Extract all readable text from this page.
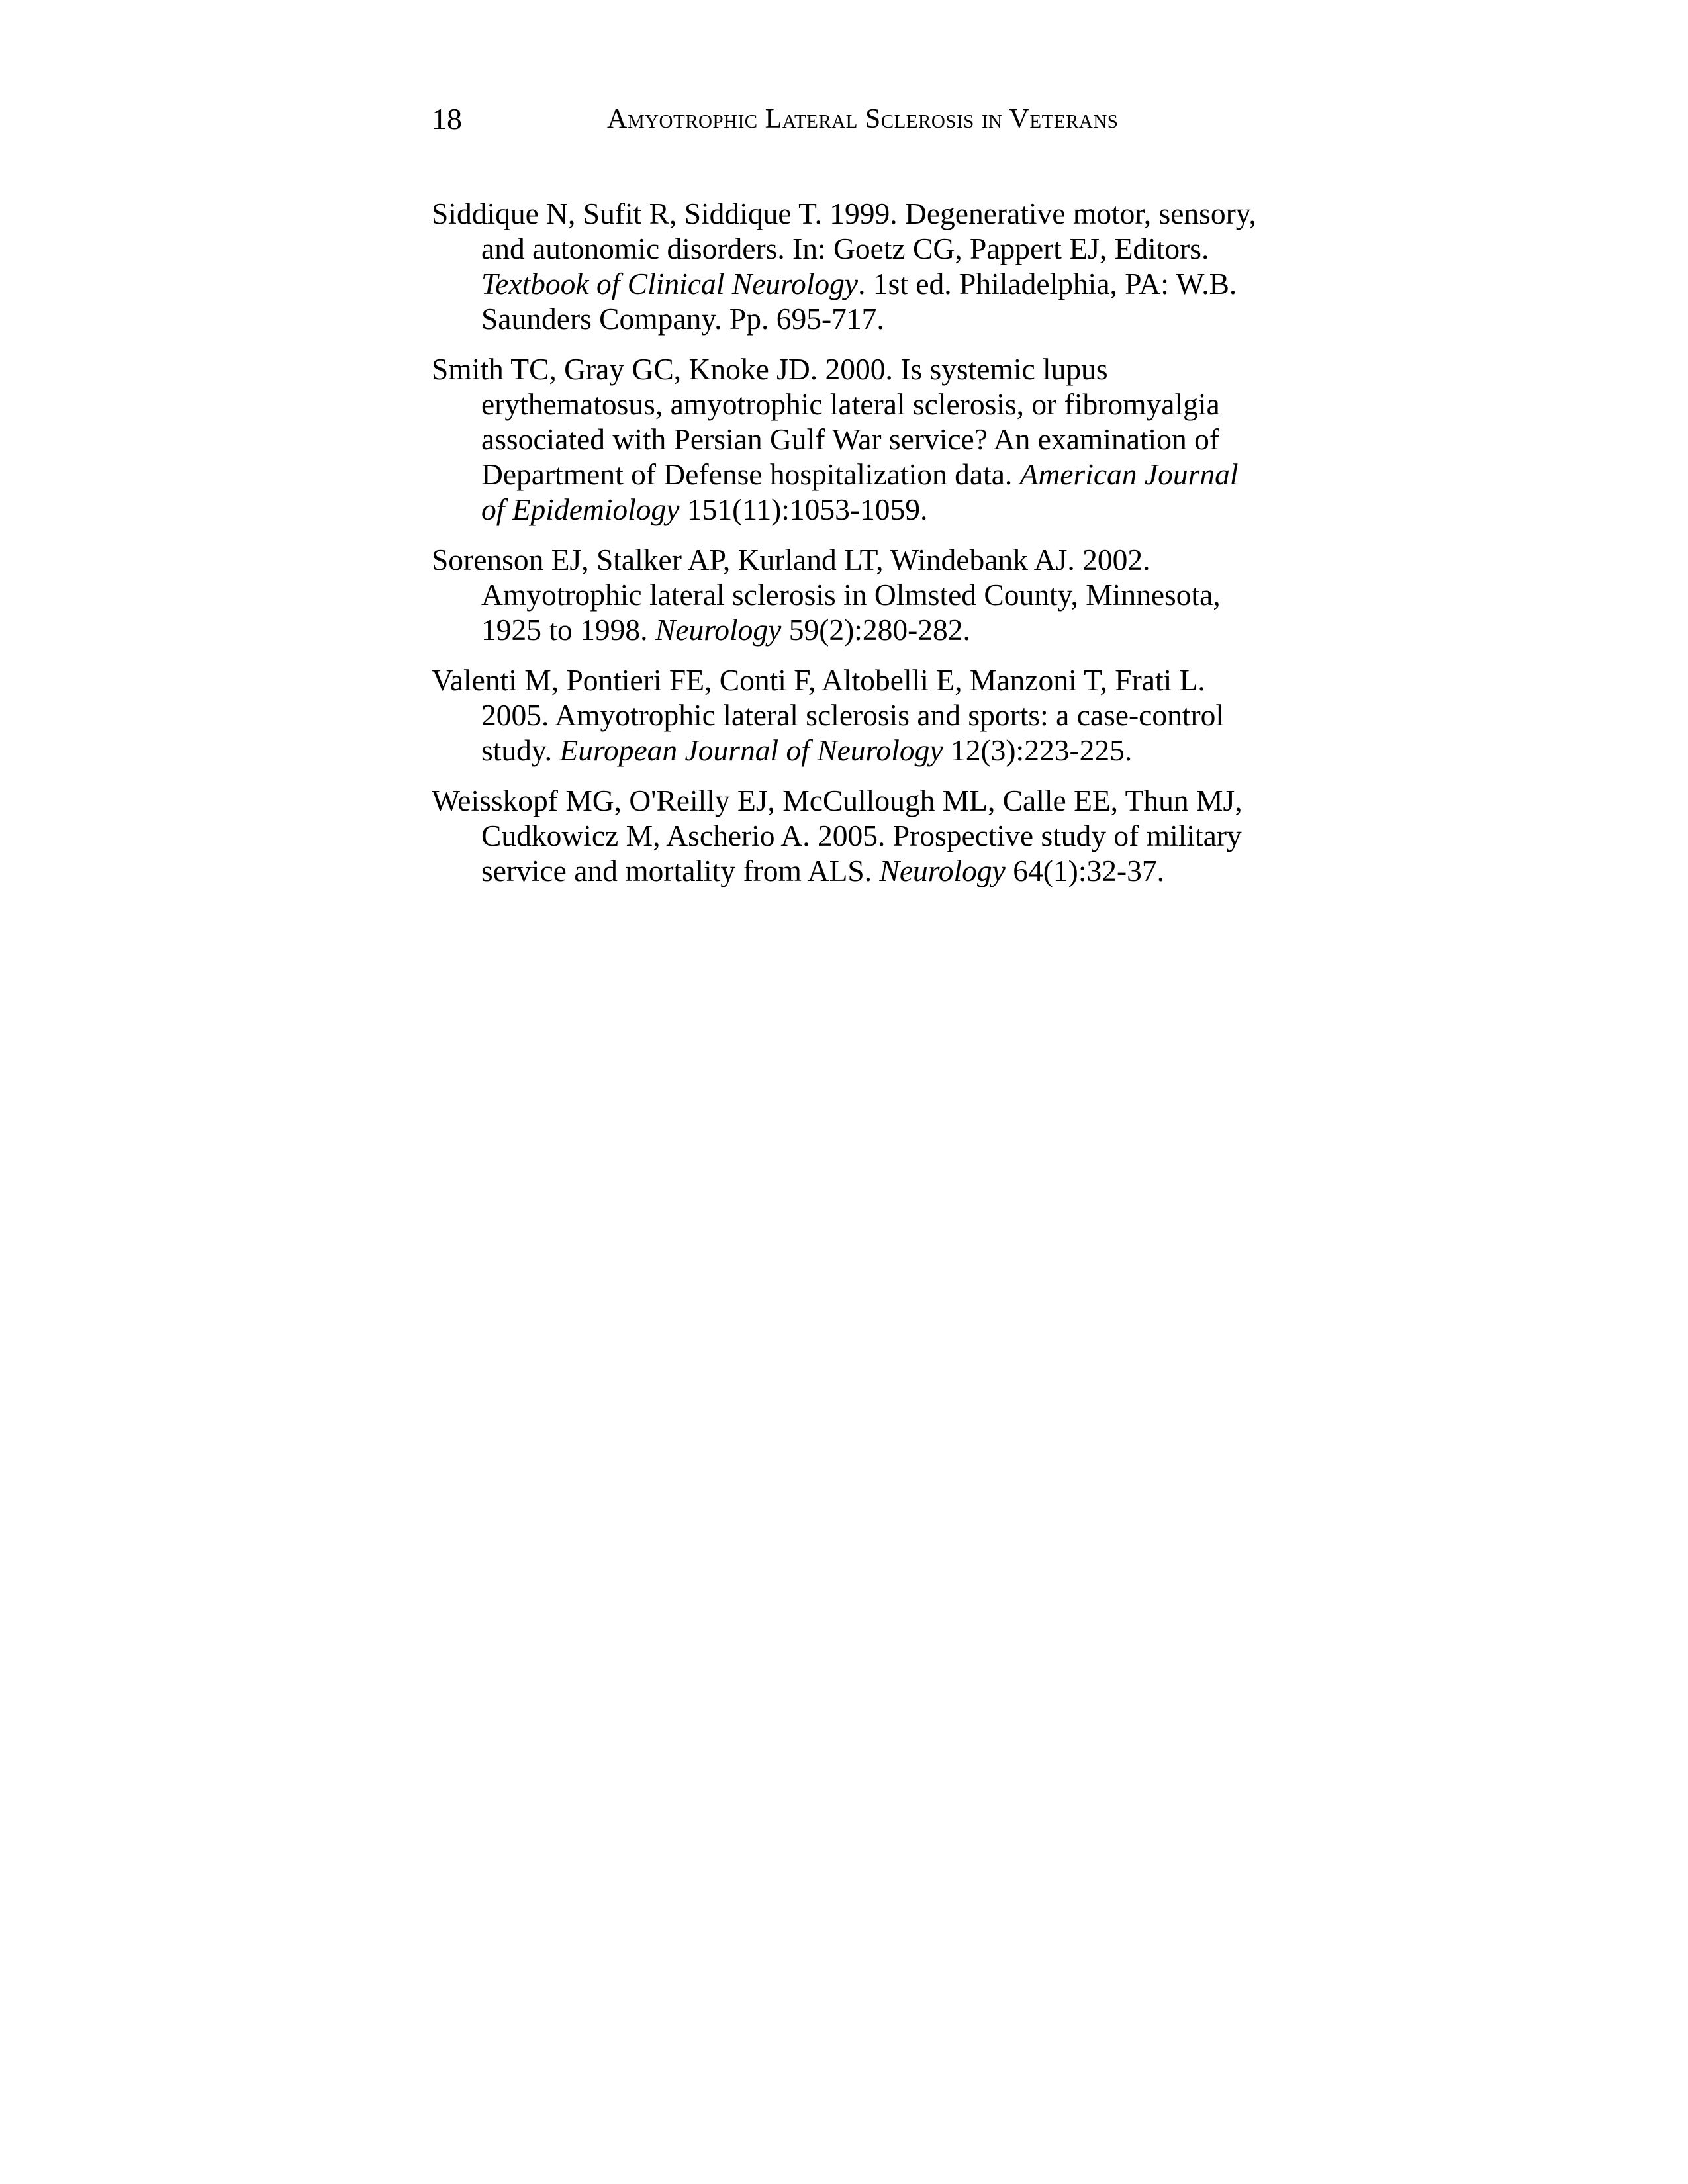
18	Amyotrophic Lateral Sclerosis in Veterans
Siddique N, Sufit R, Siddique T. 1999. Degenerative motor, sensory, and autonomic disorders. In: Goetz CG, Pappert EJ, Editors. Textbook of Clinical Neurology. 1st ed. Philadelphia, PA: W.B. Saunders Company. Pp. 695-717.
Smith TC, Gray GC, Knoke JD. 2000. Is systemic lupus erythematosus, amyotrophic lateral sclerosis, or fibromyalgia associated with Persian Gulf War service? An examination of Department of Defense hospitalization data. American Journal of Epidemiology 151(11):1053-1059.
Sorenson EJ, Stalker AP, Kurland LT, Windebank AJ. 2002. Amyotrophic lateral sclerosis in Olmsted County, Minnesota, 1925 to 1998. Neurology 59(2):280-282.
Valenti M, Pontieri FE, Conti F, Altobelli E, Manzoni T, Frati L. 2005. Amyotrophic lateral sclerosis and sports: a case-control study. European Journal of Neurology 12(3):223-225.
Weisskopf MG, O'Reilly EJ, McCullough ML, Calle EE, Thun MJ, Cudkowicz M, Ascherio A. 2005. Prospective study of military service and mortality from ALS. Neurology 64(1):32-37.
